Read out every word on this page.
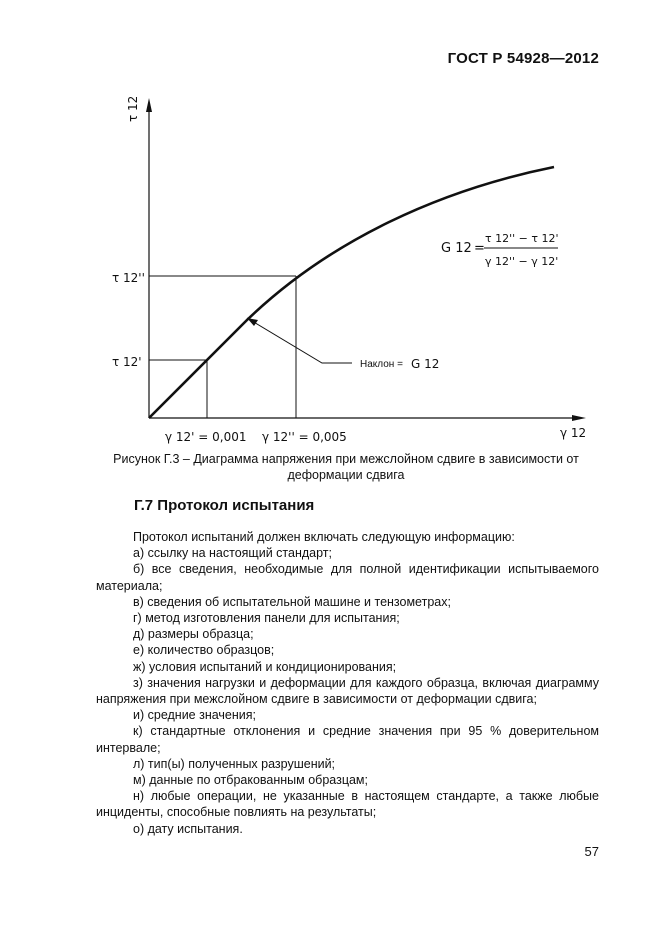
ГОСТ Р 54928—2012
τ 12
γ 12
τ 12''
τ 12'
γ 12' = 0,001 γ 12'' = 0,005
G 12 =
τ 12'' − τ 12'
γ 12'' − γ 12'
Наклон = G 12
Рисунок Г.3 – Диаграмма напряжения при межслойном сдвиге в зависимости от деформации сдвига
Г.7 Протокол испытания

Протокол испытаний должен включать следующую информацию:

а) ссылку на настоящий стандарт;

б) все сведения, необходимые для полной идентификации испытываемого материала;

в) сведения об испытательной машине и тензометрах;

г) метод изготовления панели для испытания;

д) размеры образца;

е) количество образцов;

ж) условия испытаний и кондиционирования;

з) значения нагрузки и деформации для каждого образца, включая диаграмму напряжения при межслойном сдвиге в зависимости от деформации сдвига;

и) средние значения;

к) стандартные отклонения и средние значения при 95 % доверительном интервале;

л) тип(ы) полученных разрушений;

м) данные по отбракованным образцам;

н) любые операции, не указанные в настоящем стандарте, а также любые инциденты, способные повлиять на результаты;

о) дату испытания.

57
